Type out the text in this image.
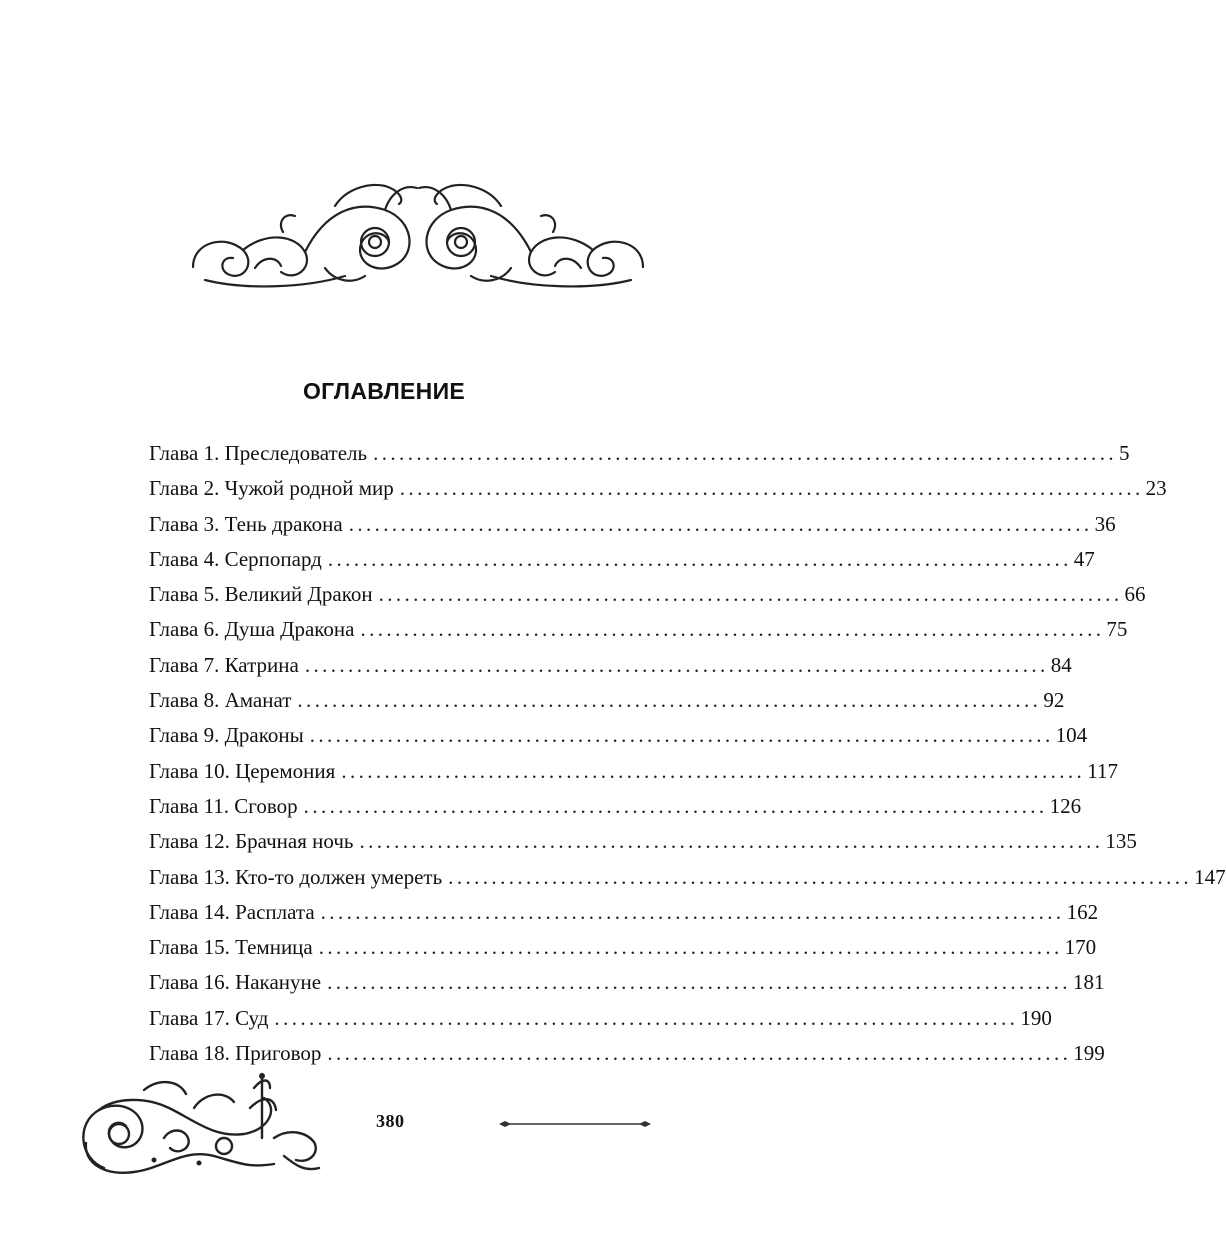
ОГЛАВЛЕНИЕ
Глава 1. Преследователь ...................................................................................... 5
Глава 2. Чужой родной мир ...................................................................................... 23
Глава 3. Тень дракона ...................................................................................... 36
Глава 4. Серпопард ...................................................................................... 47
Глава 5. Великий Дракон ...................................................................................... 66
Глава 6. Душа Дракона ...................................................................................... 75
Глава 7. Катрина ...................................................................................... 84
Глава 8. Аманат ...................................................................................... 92
Глава 9. Драконы ...................................................................................... 104
Глава 10. Церемония ...................................................................................... 117
Глава 11. Сговор ...................................................................................... 126
Глава 12. Брачная ночь ...................................................................................... 135
Глава 13. Кто-то должен умереть ...................................................................................... 147
Глава 14. Расплата ...................................................................................... 162
Глава 15. Темница ...................................................................................... 170
Глава 16. Накануне ...................................................................................... 181
Глава 17. Суд ...................................................................................... 190
Глава 18. Приговор ...................................................................................... 199
380
